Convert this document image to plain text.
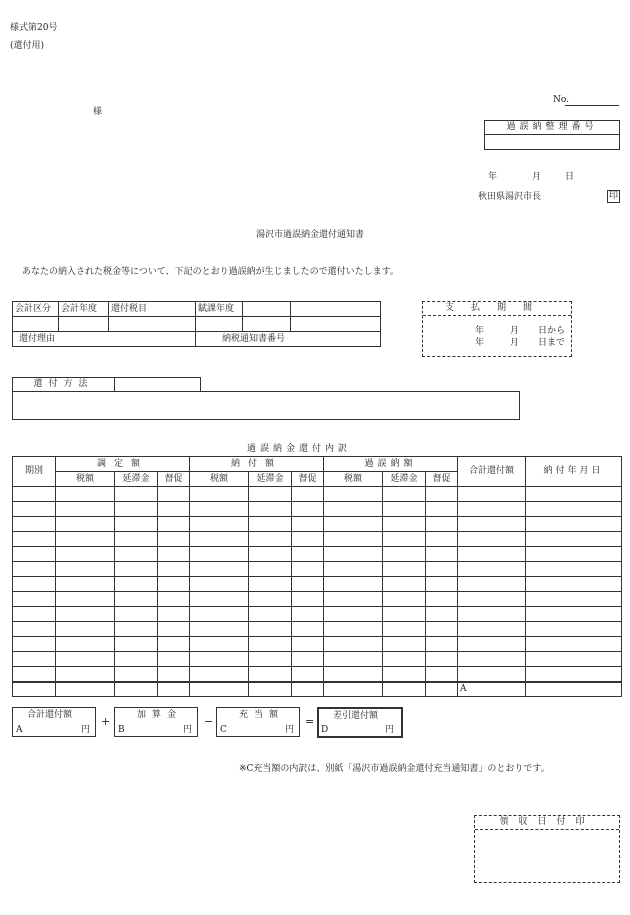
様式第20号
(還付用)
様
No.
過誤納整理番号
年	月	日
秋田県湯沢市長	印
湯沢市過誤納金還付通知書
あなたの納入された税金等について、下記のとおり過誤納が生じましたので還付いたします。
会計区分	会計年度	還付税目	賦課年度		

還付理由 納税通知書番号					

支払期間
年	月 日から
年	月 日まで
還付方法
過誤納金還付内訳
期別	調定額			納付額			過誤納額			合計還付額	納付年月日
	税額	延滞金	督促	税額	延滞金	督促	税額	延滞金	督促		

										A	
合計還付額
A	円
+	加算金
B	円
−	充当額
C	円
= 差引還付額
D	円
※C充当額の内訳は、別紙「湯沢市過誤納金還付充当通知書」のとおりです。
領収日付印
